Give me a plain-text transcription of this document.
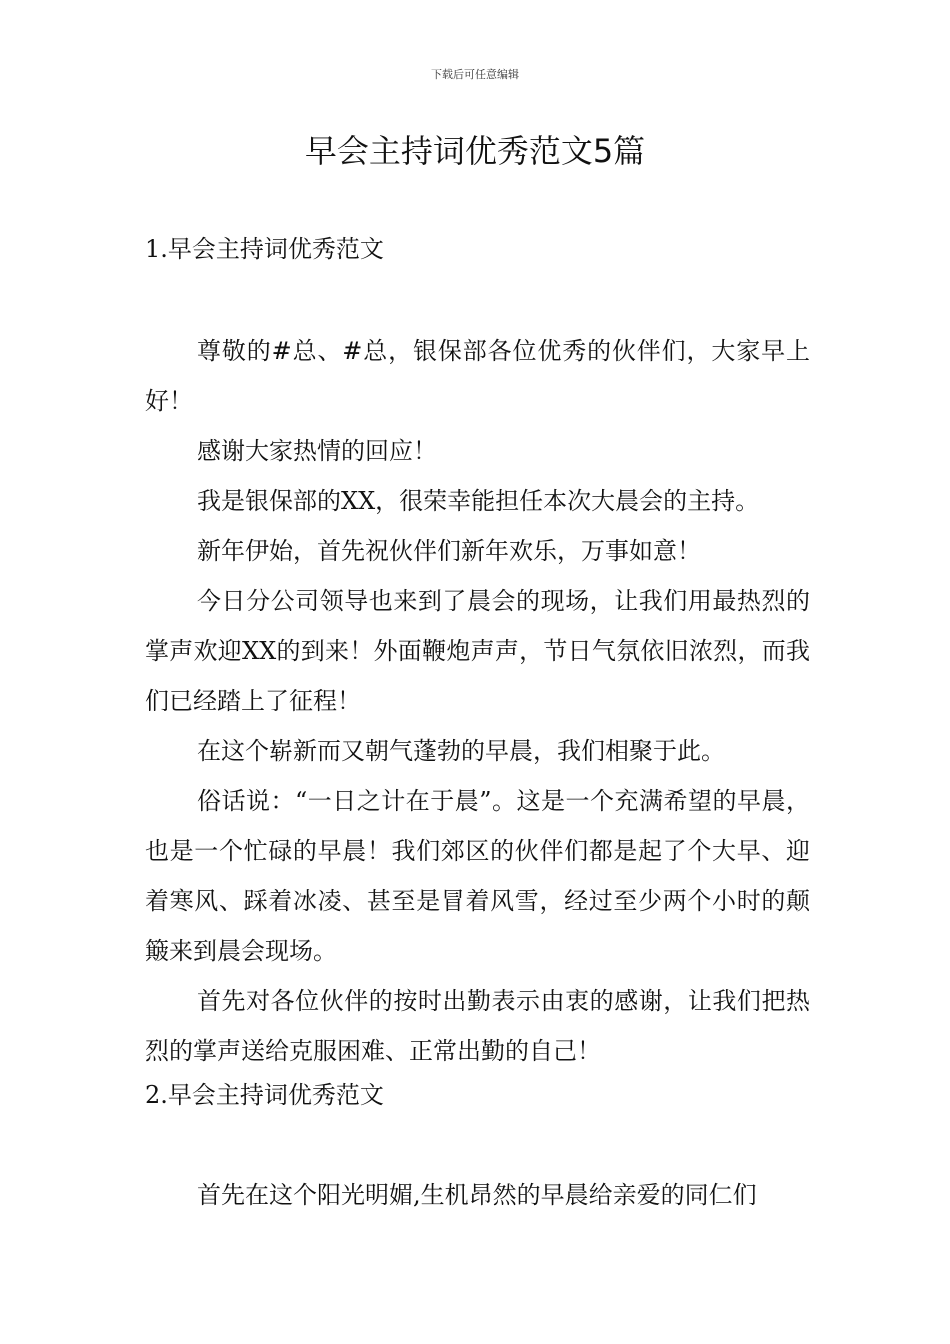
下载后可任意编辑
早会主持词优秀范文5篇
1.早会主持词优秀范文

尊敬的#总、#总，银保部各位优秀的伙伴们，大家早上好！

感谢大家热情的回应！

我是银保部的XX，很荣幸能担任本次大晨会的主持。

新年伊始，首先祝伙伴们新年欢乐，万事如意！

今日分公司领导也来到了晨会的现场，让我们用最热烈的掌声欢迎XX的到来！外面鞭炮声声，节日气氛依旧浓烈，而我们已经踏上了征程！

在这个崭新而又朝气蓬勃的早晨，我们相聚于此。

俗话说：“一日之计在于晨”。这是一个充满希望的早晨，也是一个忙碌的早晨！我们郊区的伙伴们都是起了个大早、迎着寒风、踩着冰凌、甚至是冒着风雪，经过至少两个小时的颠簸来到晨会现场。

首先对各位伙伴的按时出勤表示由衷的感谢，让我们把热烈的掌声送给克服困难、正常出勤的自己！

2.早会主持词优秀范文

首先在这个阳光明媚,生机昂然的早晨给亲爱的同仁们
